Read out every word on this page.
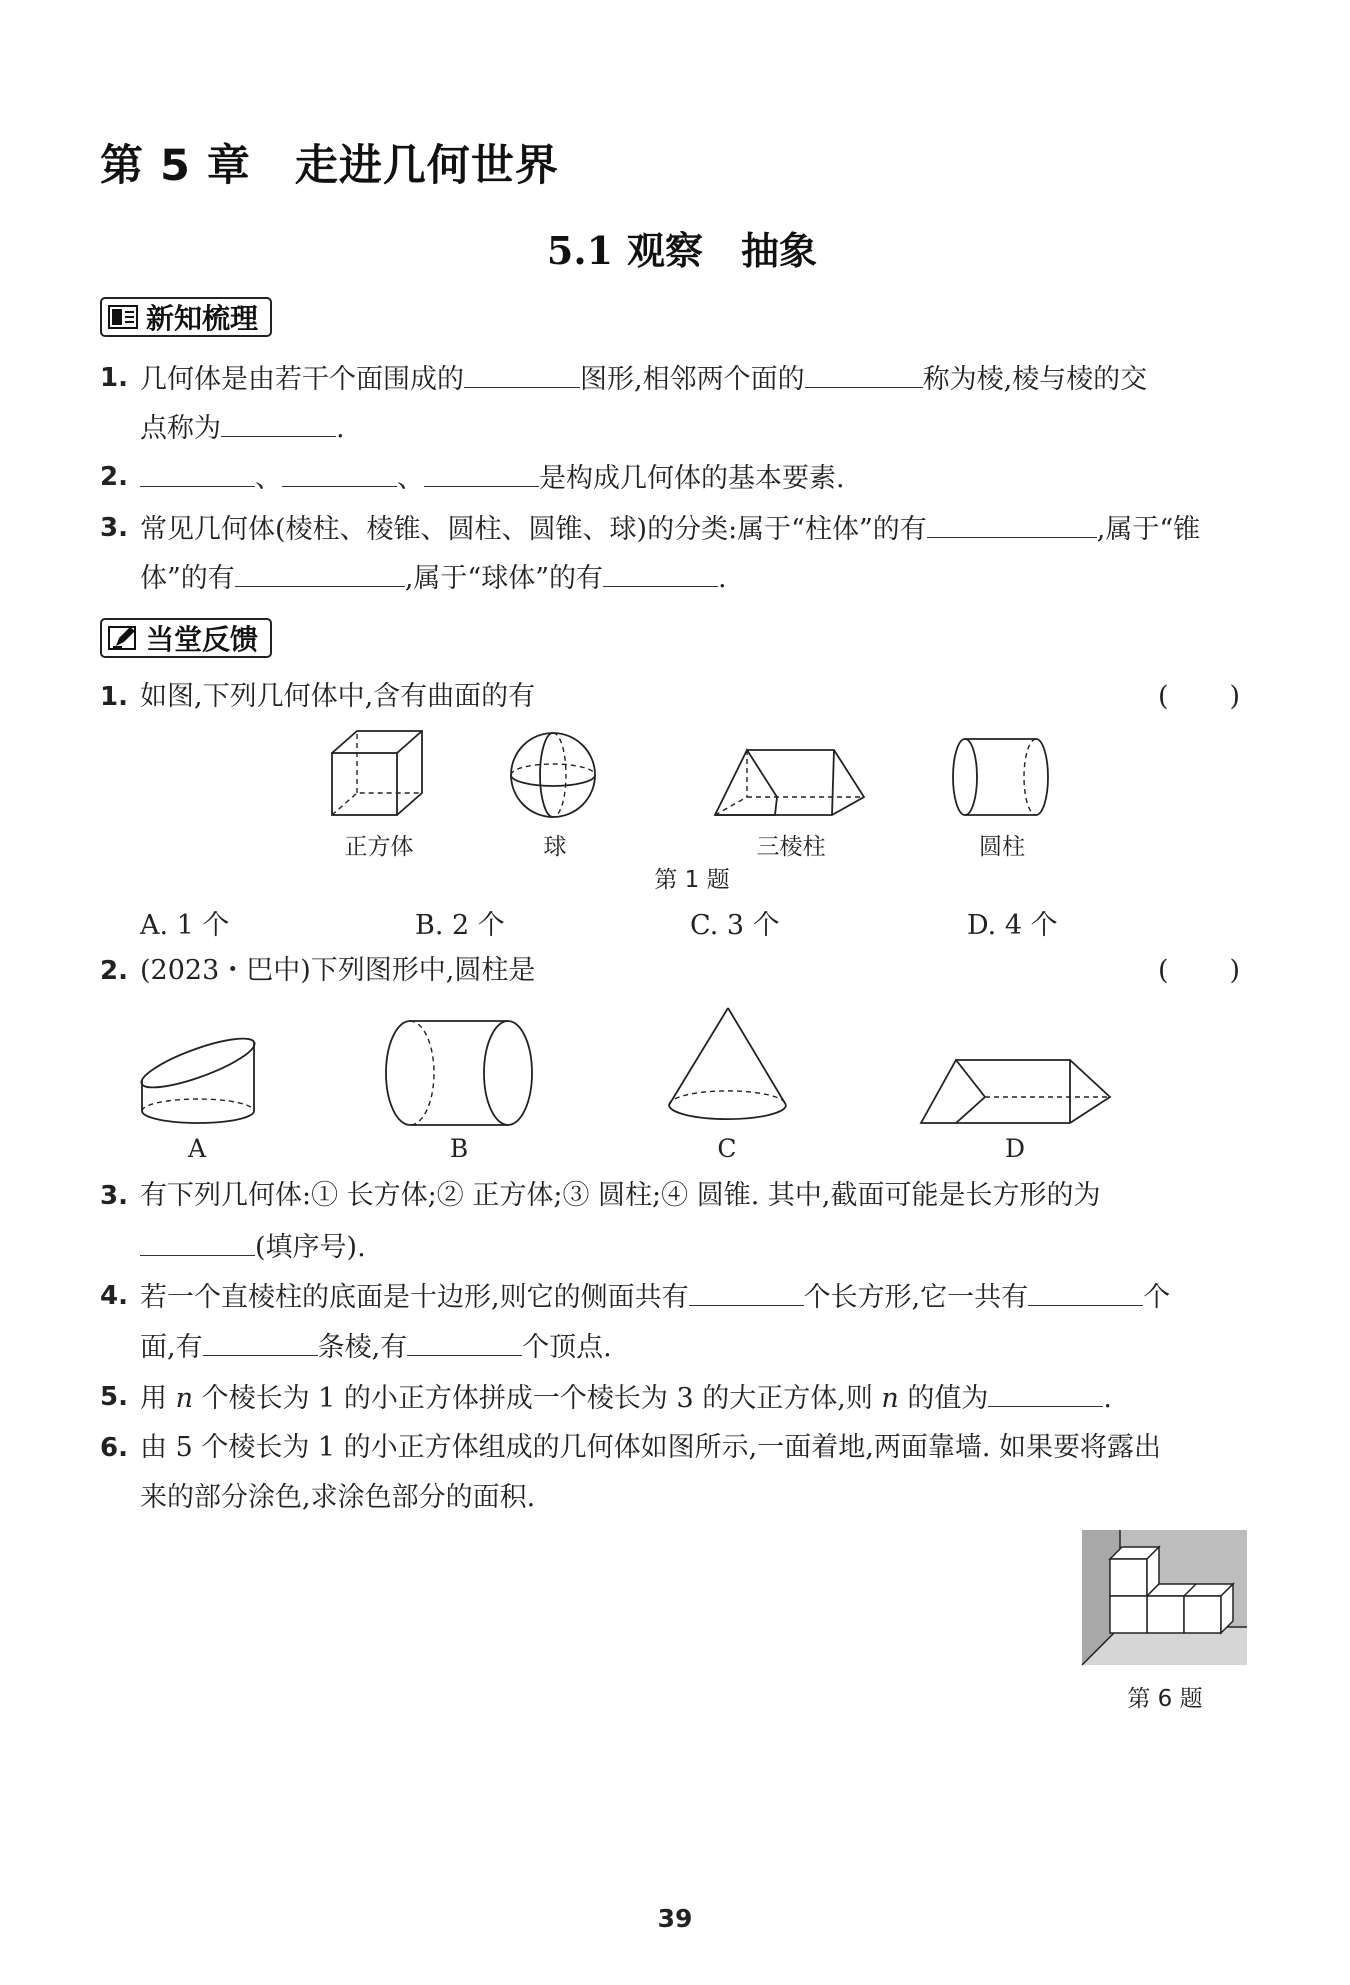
第 5 章　走进几何世界
5.1 观察　抽象
新知梳理
1. 几何体是由若干个面围成的	图形,相邻两个面的	称为棱,棱与棱的交
点称为	.
2.	、	、	是构成几何体的基本要素.
3. 常见几何体(棱柱、棱锥、圆柱、圆锥、球)的分类:属于“柱体”的有	,属于“锥
体”的有	,属于“球体”的有	.
当堂反馈
1. 如图,下列几何体中,含有曲面的有	( )
正方体	球	三棱柱	圆柱
第 1 题
A. 1 个	B. 2 个	C. 3 个	D. 4 个
2. (2023・巴中)下列图形中,圆柱是	( )
A	B	C	D
3. 有下列几何体:① 长方体;② 正方体;③ 圆柱;④ 圆锥. 其中,截面可能是长方形的为
(填序号).
4. 若一个直棱柱的底面是十边形,则它的侧面共有	个长方形,它一共有	个
面,有	条棱,有	个顶点.
5. 用 n 个棱长为 1 的小正方体拼成一个棱长为 3 的大正方体,则 n 的值为	.
6. 由 5 个棱长为 1 的小正方体组成的几何体如图所示,一面着地,两面靠墙. 如果要将露出
来的部分涂色,求涂色部分的面积.
第 6 题
39
